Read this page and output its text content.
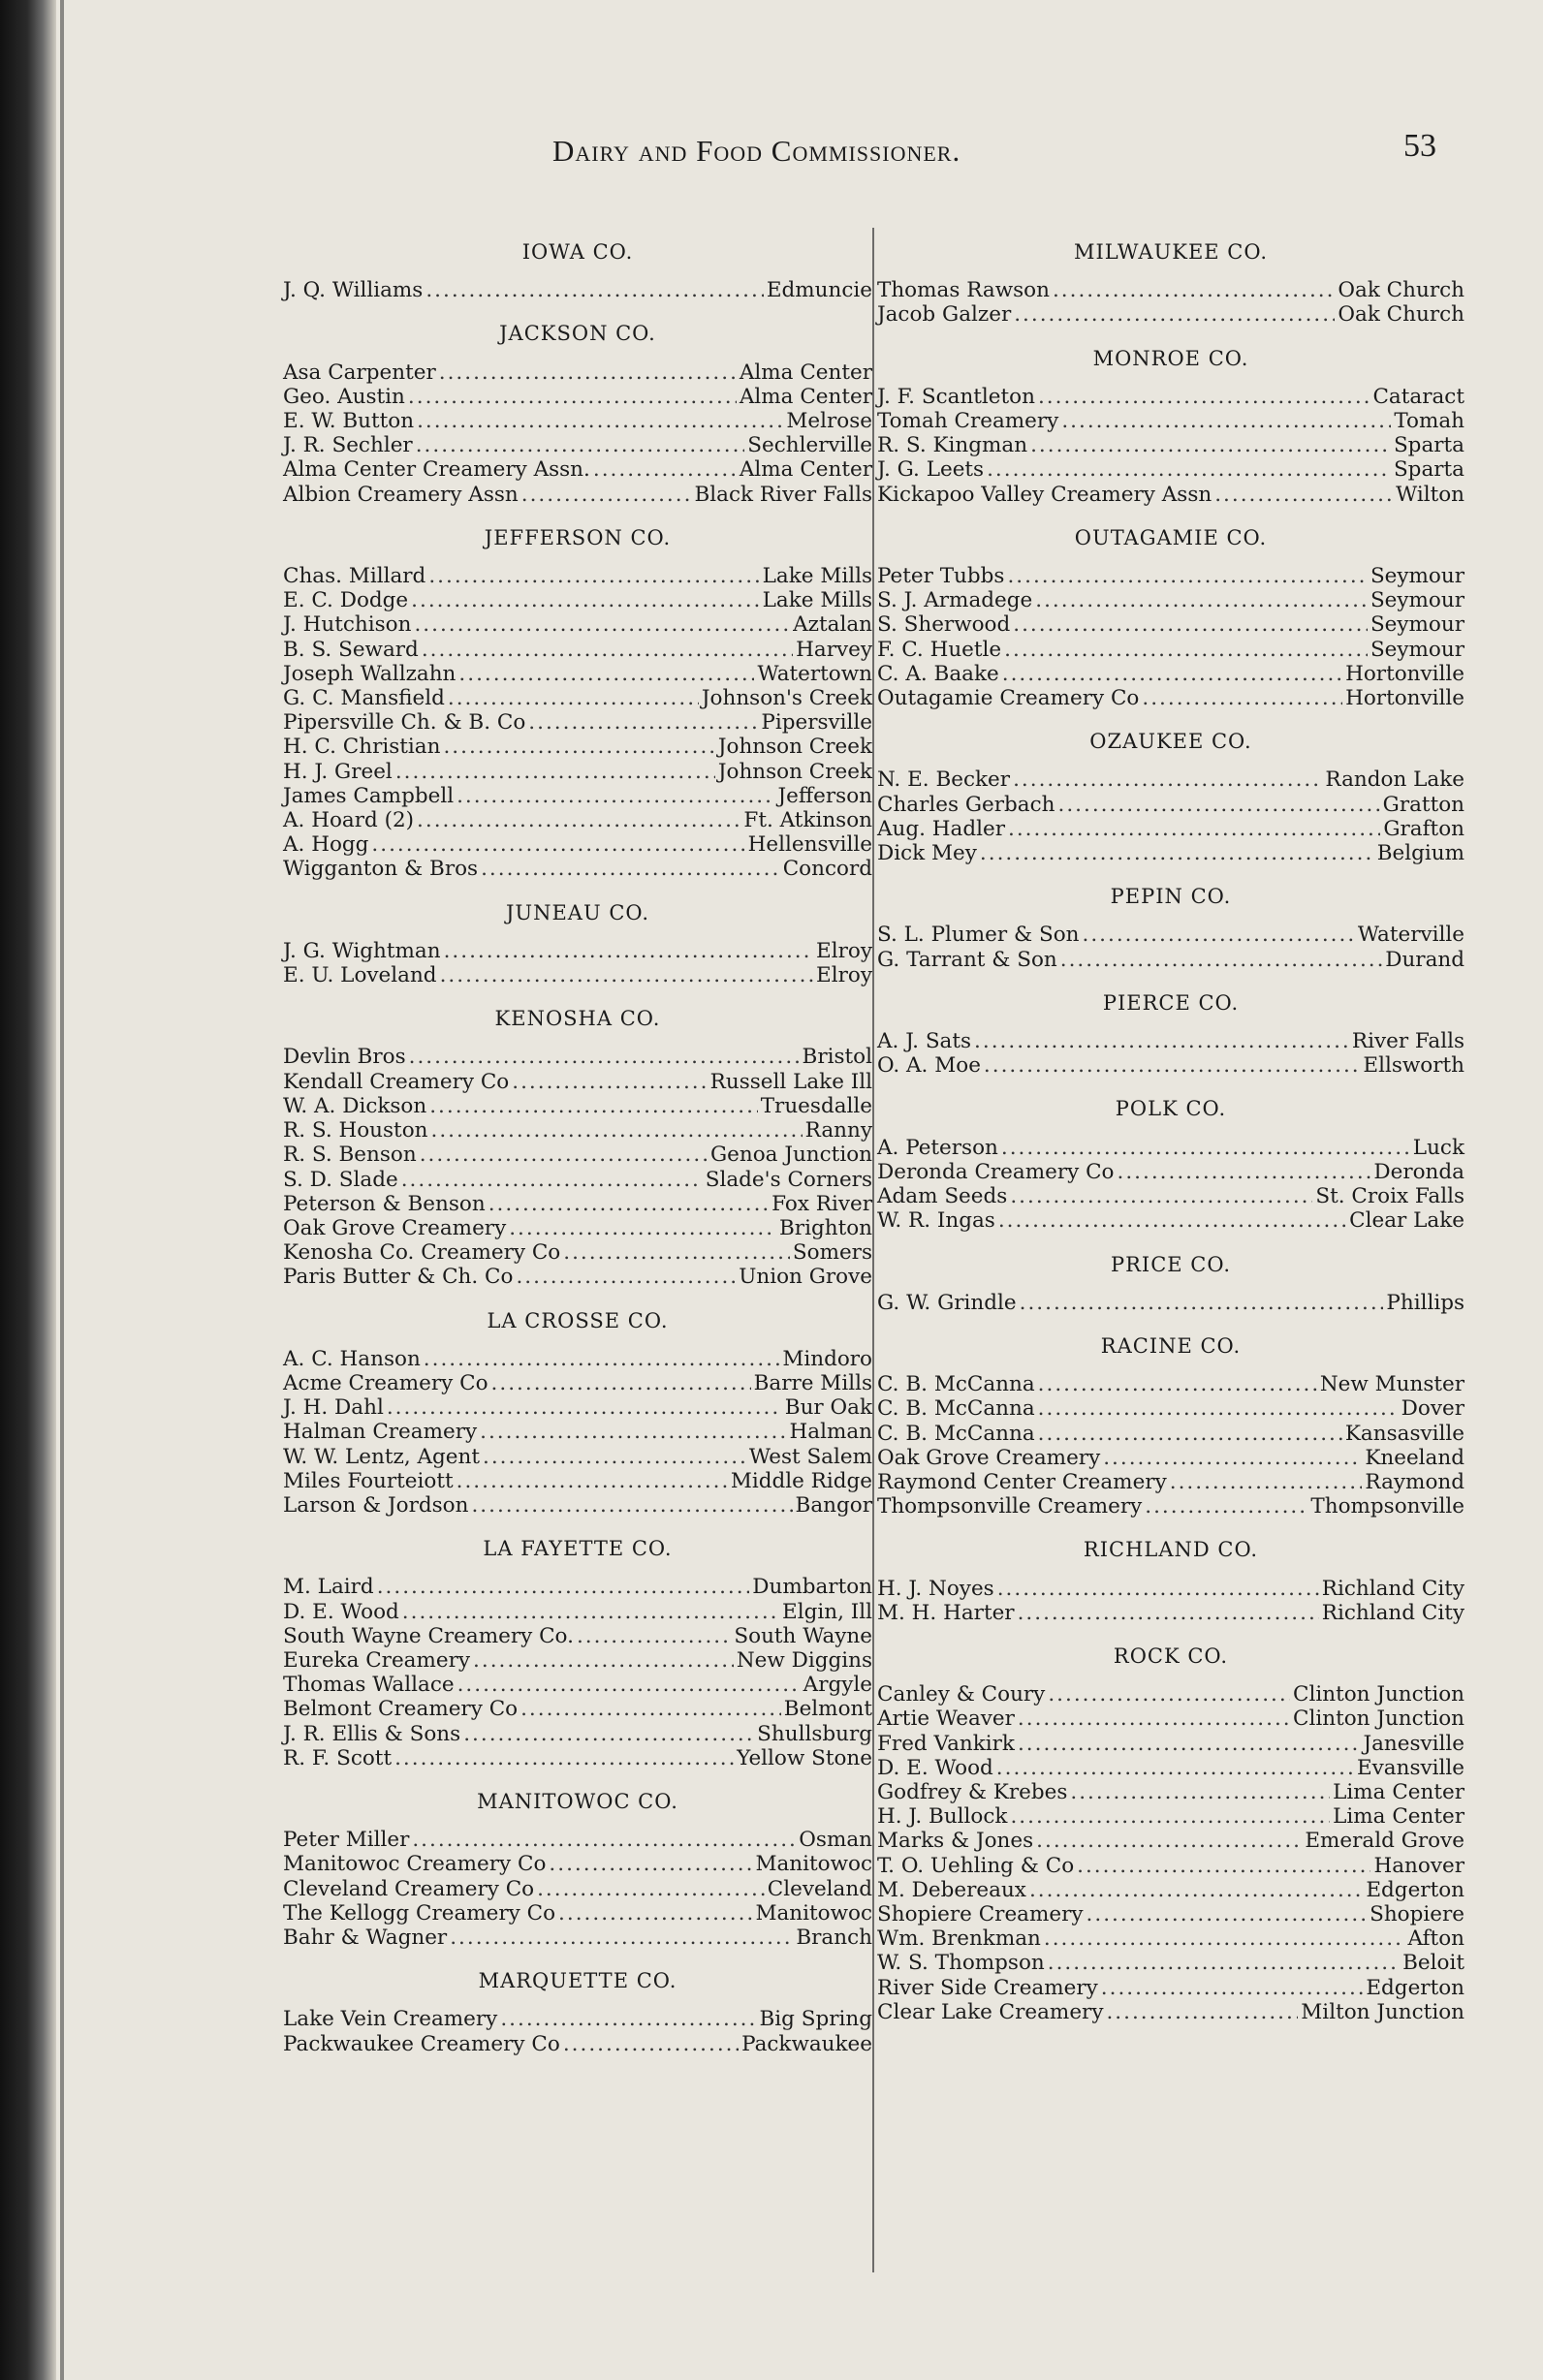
Dairy and Food Commissioner.	53
IOWA CO.
J. Q. Williams .....	Edmuncie
JACKSON CO.
Asa Carpenter .....	Alma Center
Geo. Austin .....	Alma Center
E. W. Button .....	Melrose
J. R. Sechler .....	Sechlerville
Alma Center Creamery Assn. .....	Alma Center
Albion Creamery Assn .....	Black River Falls
JEFFERSON CO.
Chas. Millard .....	Lake Mills
E. C. Dodge .....	Lake Mills
J. Hutchison .....	Aztalan
B. S. Seward .....	Harvey
Joseph Wallzahn .....	Watertown
G. C. Mansfield .....	Johnson's Creek
Pipersville Ch. & B. Co .....	Pipersville
H. C. Christian .....	Johnson Creek
H. J. Greel .....	Johnson Creek
James Campbell .....	Jefferson
A. Hoard (2) .....	Ft. Atkinson
A. Hogg .....	Hellensville
Wigganton & Bros .....	Concord
JUNEAU CO.
J. G. Wightman .....	Elroy
E. U. Loveland .....	Elroy
KENOSHA CO.
Devlin Bros .....	Bristol
Kendall Creamery Co .....	Russell Lake Ill
W. A. Dickson .....	Truesdalle
R. S. Houston .....	Ranny
R. S. Benson .....	Genoa Junction
S. D. Slade .....	Slade's Corners
Peterson & Benson .....	Fox River
Oak Grove Creamery .....	Brighton
Kenosha Co. Creamery Co .....	Somers
Paris Butter & Ch. Co .....	Union Grove
LA CROSSE CO.
A. C. Hanson .....	Mindoro
Acme Creamery Co .....	Barre Mills
J. H. Dahl .....	Bur Oak
Halman Creamery .....	Halman
W. W. Lentz, Agent .....	West Salem
Miles Fourteiott .....	Middle Ridge
Larson & Jordson .....	Bangor
LA FAYETTE CO.
M. Laird .....	Dumbarton
D. E. Wood .....	Elgin, Ill
South Wayne Creamery Co. .....	South Wayne
Eureka Creamery .....	New Diggins
Thomas Wallace .....	Argyle
Belmont Creamery Co .....	Belmont
J. R. Ellis & Sons .....	Shullsburg
R. F. Scott .....	Yellow Stone
MANITOWOC CO.
Peter Miller .....	Osman
Manitowoc Creamery Co .....	Manitowoc
Cleveland Creamery Co .....	Cleveland
The Kellogg Creamery Co .....	Manitowoc
Bahr & Wagner .....	Branch
MARQUETTE CO.
Lake Vein Creamery .....	Big Spring
Packwaukee Creamery Co .....	Packwaukee
MILWAUKEE CO.
Thomas Rawson .....	Oak Church
Jacob Galzer .....	Oak Church
MONROE CO.
J. F. Scantleton .....	Cataract
Tomah Creamery .....	Tomah
R. S. Kingman .....	Sparta
J. G. Leets .....	Sparta
Kickapoo Valley Creamery Assn .....	Wilton
OUTAGAMIE CO.
Peter Tubbs .....	Seymour
S. J. Armadege .....	Seymour
S. Sherwood .....	Seymour
F. C. Huetle .....	Seymour
C. A. Baake .....	Hortonville
Outagamie Creamery Co .....	Hortonville
OZAUKEE CO.
N. E. Becker .....	Randon Lake
Charles Gerbach .....	Gratton
Aug. Hadler .....	Grafton
Dick Mey .....	Belgium
PEPIN CO.
S. L. Plumer & Son .....	Waterville
G. Tarrant & Son .....	Durand
PIERCE CO.
A. J. Sats .....	River Falls
O. A. Moe .....	Ellsworth
POLK CO.
A. Peterson .....	Luck
Deronda Creamery Co .....	Deronda
Adam Seeds .....	St. Croix Falls
W. R. Ingas .....	Clear Lake
PRICE CO.
G. W. Grindle .....	Phillips
RACINE CO.
C. B. McCanna .....	New Munster
C. B. McCanna .....	Dover
C. B. McCanna .....	Kansasville
Oak Grove Creamery .....	Kneeland
Raymond Center Creamery .....	Raymond
Thompsonville Creamery .....	Thompsonville
RICHLAND CO.
H. J. Noyes .....	Richland City
M. H. Harter .....	Richland City
ROCK CO.
Canley & Coury .....	Clinton Junction
Artie Weaver .....	Clinton Junction
Fred Vankirk .....	Janesville
D. E. Wood .....	Evansville
Godfrey & Krebes .....	Lima Center
H. J. Bullock .....	Lima Center
Marks & Jones .....	Emerald Grove
T. O. Uehling & Co .....	Hanover
M. Debereaux .....	Edgerton
Shopiere Creamery .....	Shopiere
Wm. Brenkman .....	Afton
W. S. Thompson .....	Beloit
River Side Creamery .....	Edgerton
Clear Lake Creamery .....	Milton Junction
